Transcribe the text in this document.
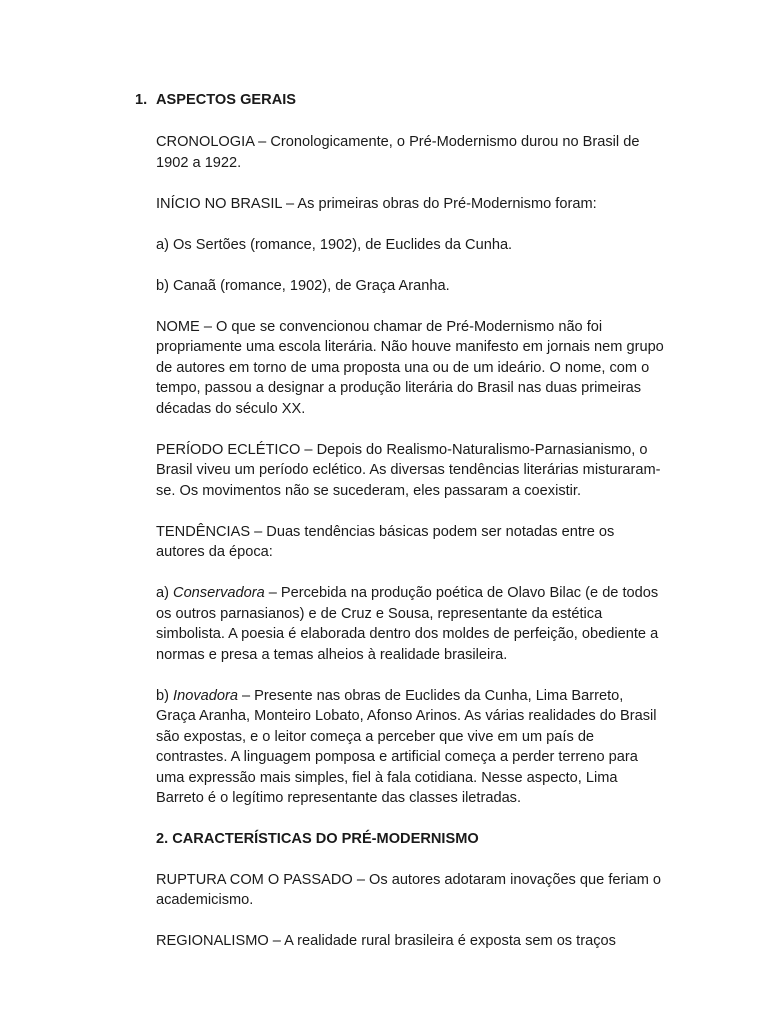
1. ASPECTOS GERAIS

CRONOLOGIA – Cronologicamente, o Pré-Modernismo durou no Brasil de 1902 a 1922.

INÍCIO NO BRASIL – As primeiras obras do Pré-Modernismo foram:

a) Os Sertões (romance, 1902), de Euclides da Cunha.

b) Canaã (romance, 1902), de Graça Aranha.

NOME – O que se convencionou chamar de Pré-Modernismo não foi propriamente uma escola literária. Não houve manifesto em jornais nem grupo de autores em torno de uma proposta una ou de um ideário. O nome, com o tempo, passou a designar a produção literária do Brasil nas duas primeiras décadas do século XX.

PERÍODO ECLÉTICO – Depois do Realismo-Naturalismo-Parnasianismo, o Brasil viveu um período eclético. As diversas tendências literárias misturaram-se. Os movimentos não se sucederam, eles passaram a coexistir.

TENDÊNCIAS – Duas tendências básicas podem ser notadas entre os autores da época:

a) Conservadora – Percebida na produção poética de Olavo Bilac (e de todos os outros parnasianos) e de Cruz e Sousa, representante da estética simbolista. A poesia é elaborada dentro dos moldes de perfeição, obediente a normas e presa a temas alheios à realidade brasileira.

b) Inovadora – Presente nas obras de Euclides da Cunha, Lima Barreto, Graça Aranha, Monteiro Lobato, Afonso Arinos. As várias realidades do Brasil são expostas, e o leitor começa a perceber que vive em um país de contrastes. A linguagem pomposa e artificial começa a perder terreno para uma expressão mais simples, fiel à fala cotidiana. Nesse aspecto, Lima Barreto é o legítimo representante das classes iletradas.

2. CARACTERÍSTICAS DO PRÉ-MODERNISMO

RUPTURA COM O PASSADO – Os autores adotaram inovações que feriam o academicismo.

REGIONALISMO – A realidade rural brasileira é exposta sem os traços
